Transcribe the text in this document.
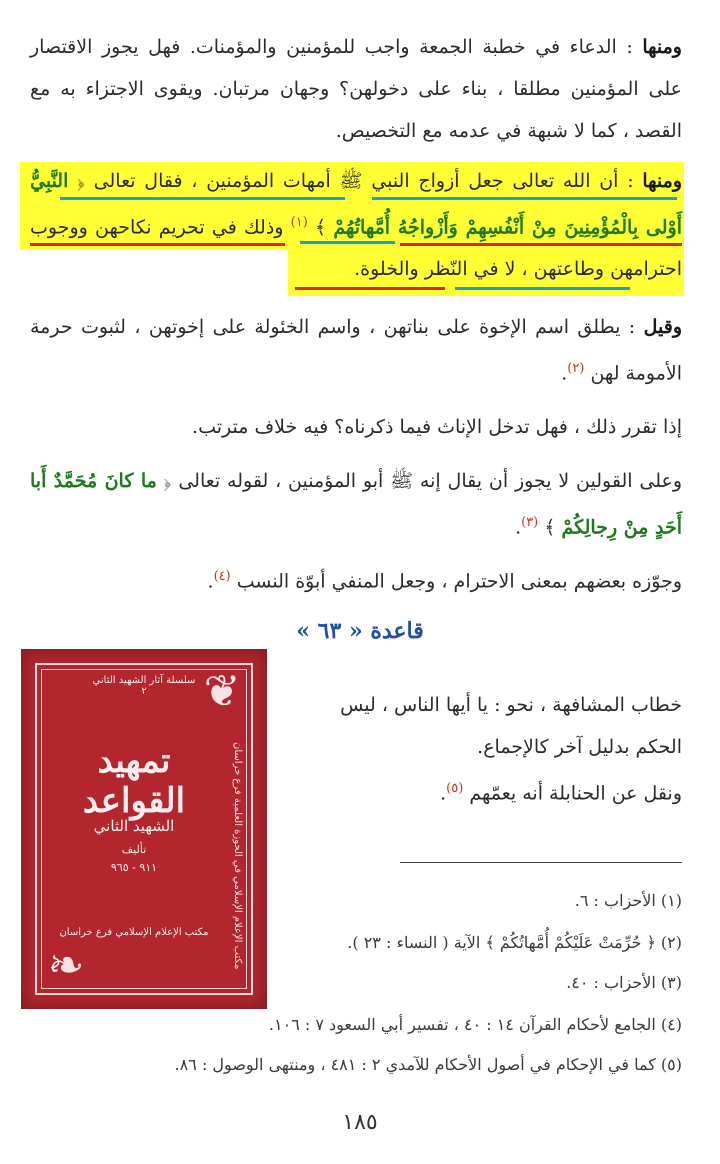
ومنها : الدعاء في خطبة الجمعة واجب للمؤمنين والمؤمنات. فهل يجوز الاقتصار على المؤمنين مطلقا ، بناء على دخولهن؟ وجهان مرتبان. ويقوى الاجتزاء به مع القصد ، كما لا شبهة في عدمه مع التخصيص.
ومنها : أن الله تعالى جعل أزواج النبي ﷺ أمهات المؤمنين ، فقال تعالى ﴿ النَّبِيُّ أَوْلى بِالْمُؤْمِنِينَ مِنْ أَنْفُسِهِمْ وَأَزْواجُهُ أُمَّهاتُهُمْ ﴾ $^{(١)}$ وذلك في تحريم نكاحهن ووجوب احترامهن وطاعتهن ، لا في النّظر والخلوة.
وقيل : يطلق اسم الإخوة على بناتهن ، واسم الخئولة على إخوتهن ، لثبوت حرمة الأمومة لهن $^{(٢)}$.
إذا تقرر ذلك ، فهل تدخل الإناث فيما ذكرناه؟ فيه خلاف مترتب.
وعلى القولين لا يجوز أن يقال إنه ﷺ أبو المؤمنين ، لقوله تعالى ﴿ ما كانَ مُحَمَّدٌ أَبا أَحَدٍ مِنْ رِجالِكُمْ ﴾ $^{(٣)}$.
وجوّزه بعضهم بمعنى الاحترام ، وجعل المنفي أبوّة النسب $^{(٤)}$.
قاعدة « ٦٣ »
❦
❧
سلسلة آثار الشهيد الثاني
٢
تمهيد القواعد
الشهيد الثاني
تأليف
٩١١ - ٩٦٥
مكتب الإعلام الإسلامي فرع خراسان	مكتب الإعلام الإسلامي في الحوزة العلمية فرع خراسان
خطاب المشافهة ، نحو : يا أيها الناس ، ليس
الحكم بدليل آخر كالإجماع.
ونقل عن الحنابلة أنه يعمّهم $^{(٥)}$.
(١) الأحزاب : ٦.
(٢) ﴿ حُرِّمَتْ عَلَيْكُمْ أُمَّهاتُكُمْ ﴾ الآية ( النساء : ٢٣ ).
(٣) الأحزاب : ٤٠.
(٤) الجامع لأحكام القرآن ١٤ : ٤٠ ، تفسير أبي السعود ٧ : ١٠٦.
(٥) كما في الإحكام في أصول الأحكام للآمدي ٢ : ٤٨١ ، ومنتهى الوصول : ٨٦.
١٨٥
